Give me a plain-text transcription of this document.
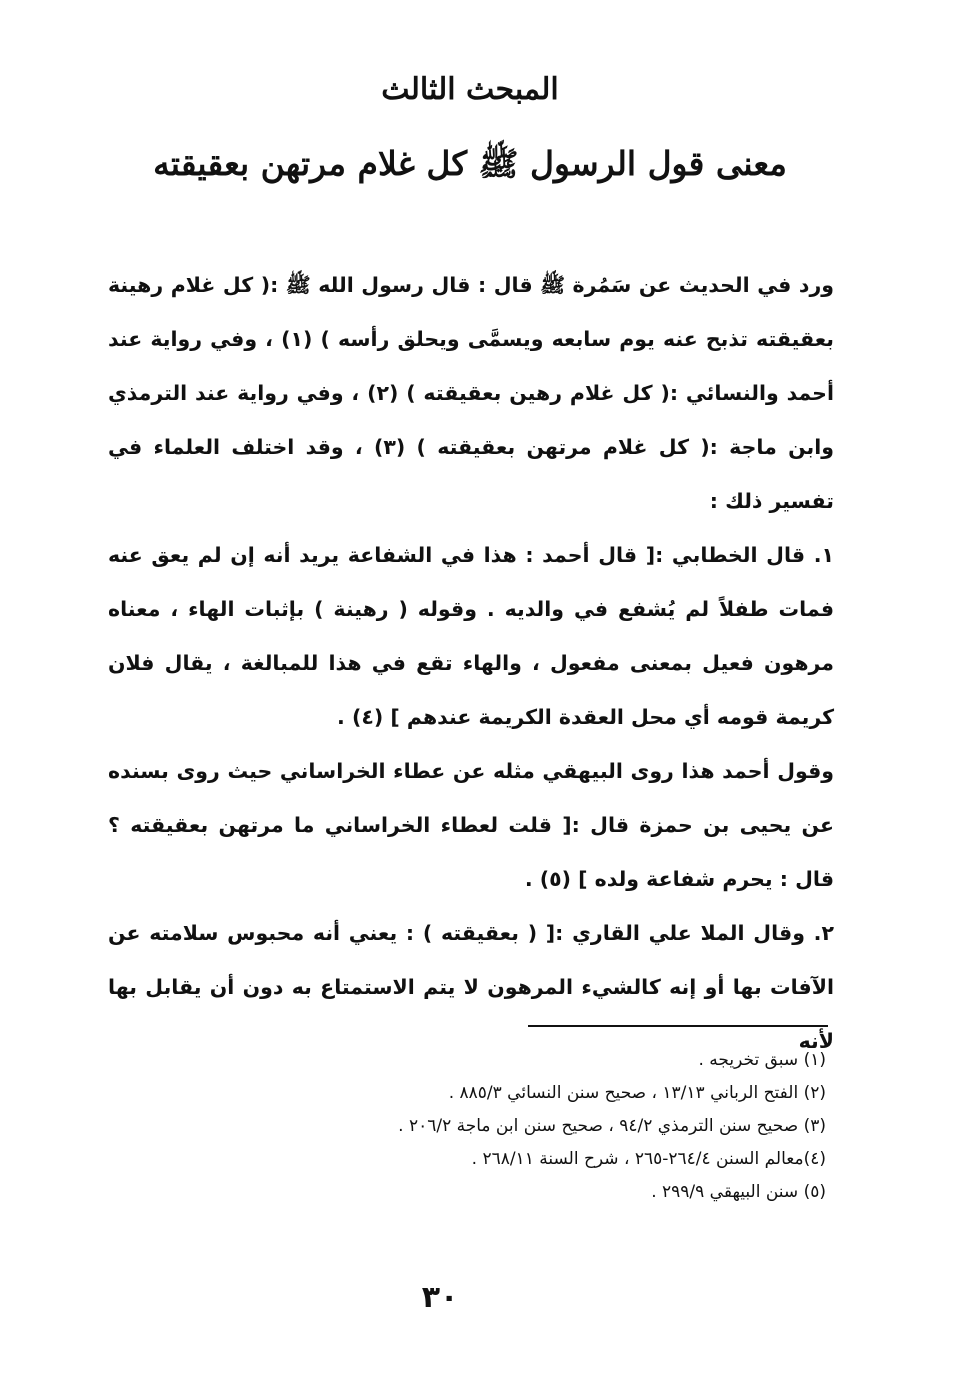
المبحث الثالث
معنى قول الرسول ﷺ كل غلام مرتهن بعقيقته

ورد في الحديث عن سَمُرة ﷺ قال : قال رسول الله ﷺ :( كل غلام رهينة بعقيقته تذبح عنه يوم سابعه ويسمَّى ويحلق رأسه ) (١) ، وفي رواية عند أحمد والنسائي :( كل غلام رهين بعقيقته ) (٢) ، وفي رواية عند الترمذي وابن ماجة :( كل غلام مرتهن بعقيقته ) (٣) ، وقد اختلف العلماء في تفسير ذلك :

١. قال الخطابي :[ قال أحمد : هذا في الشفاعة يريد أنه إن لم يعق عنه فمات طفلاً لم يُشفع في والديه . وقوله ( رهينة ) بإثبات الهاء ، معناه مرهون فعيل بمعنى مفعول ، والهاء تقع في هذا للمبالغة ، يقال فلان كريمة قومه أي محل العقدة الكريمة عندهم ] (٤) .

وقول أحمد هذا روى البيهقي مثله عن عطاء الخراساني حيث روى بسنده عن يحيى بن حمزة قال :[ قلت لعطاء الخراساني ما مرتهن بعقيقته ؟ قال : يحرم شفاعة ولده ] (٥) .

٢. وقال الملا علي القاري :[ ( بعقيقته ) : يعني أنه محبوس سلامته عن الآفات بها أو إنه كالشيء المرهون لا يتم الاستمتاع به دون أن يقابل بها لأنه

(١) سبق تخريجه .

(٢) الفتح الرباني ١٣/١٣ ، صحيح سنن النسائي ٨٨٥/٣ .

(٣) صحيح سنن الترمذي ٩٤/٢ ، صحيح سنن ابن ماجة ٢٠٦/٢ .

(٤)معالم السنن ٢٦٤/٤-٢٦٥ ، شرح السنة ٢٦٨/١١ .

(٥) سنن البيهقي ٢٩٩/٩ .

٣٠
